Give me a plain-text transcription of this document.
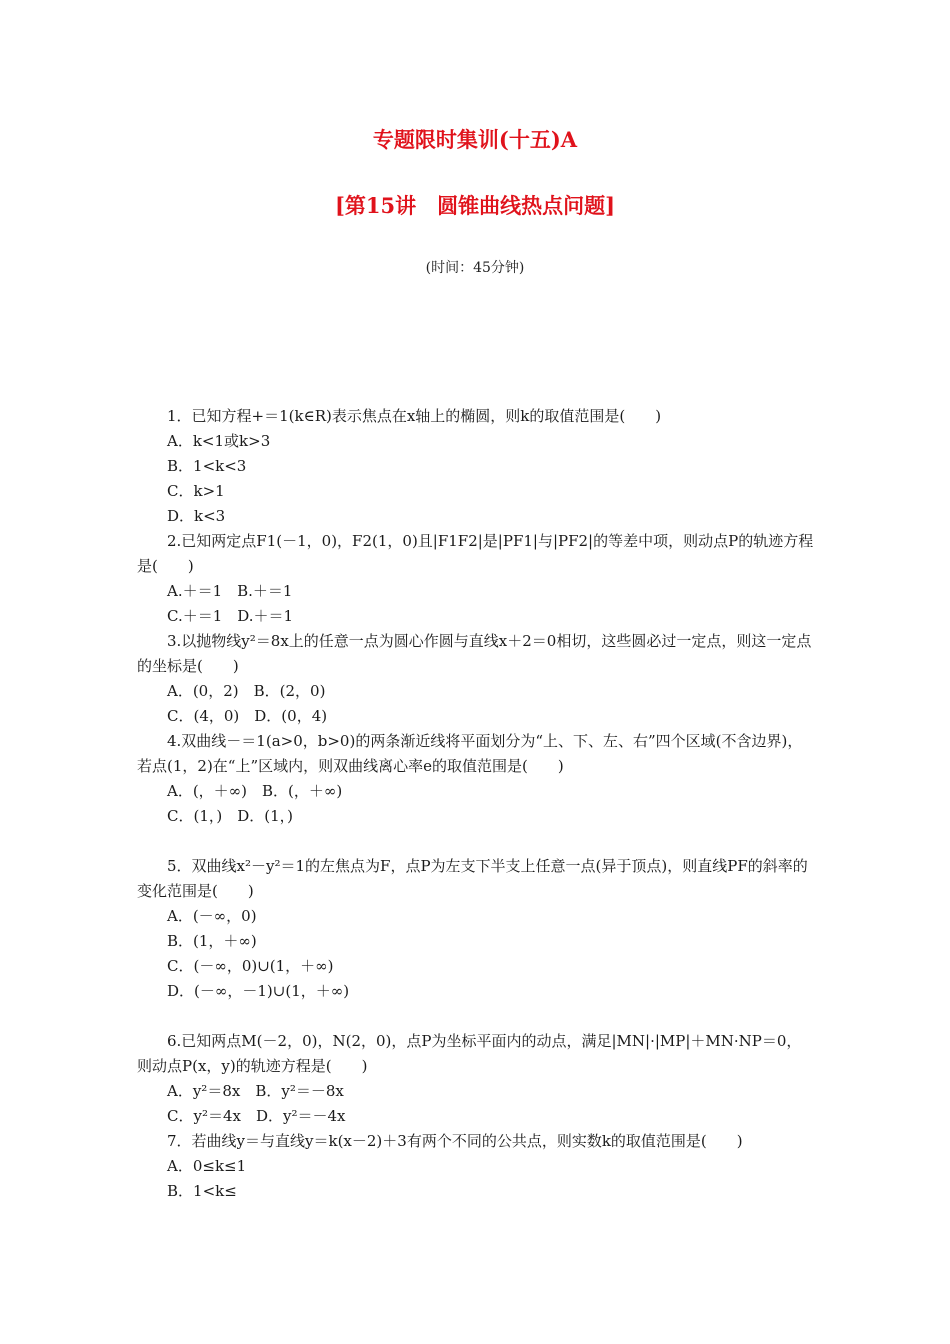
专题限时集训(十五)A
[第15讲　圆锥曲线热点问题]
(时间：45分钟)
1．已知方程+＝1(k∈R)表示焦点在x轴上的椭圆，则k的取值范围是(　　)
A．k<1或k>3
B．1<k<3
C．k>1
D．k<3
2.已知两定点F1(－1，0)，F2(1，0)且|F1F2|是|PF1|与|PF2|的等差中项，则动点P的轨迹方程是(　　)
A.＋＝1　B.＋＝1
C.＋＝1　D.＋＝1
3.以抛物线y²＝8x上的任意一点为圆心作圆与直线x＋2＝0相切，这些圆必过一定点，则这一定点的坐标是(　　)
A．(0，2)　B．(2，0)
C．(4，0)　D．(0，4)
4.双曲线－＝1(a>0，b>0)的两条渐近线将平面划分为“上、下、左、右”四个区域(不含边界)，若点(1，2)在“上”区域内，则双曲线离心率e的取值范围是(　　)
A．(，＋∞)　B．(，＋∞)
C．(1，)　D．(1，)
5．双曲线x²－y²＝1的左焦点为F，点P为左支下半支上任意一点(异于顶点)，则直线PF的斜率的变化范围是(　　)
A．(－∞，0)
B．(1，＋∞)
C．(－∞，0)∪(1，＋∞)
D．(－∞，－1)∪(1，＋∞)
6.已知两点M(－2，0)，N(2，0)，点P为坐标平面内的动点，满足|MN|·|MP|＋MN·NP＝0，则动点P(x，y)的轨迹方程是(　　)
A．y²＝8x　B．y²＝－8x
C．y²＝4x　D．y²＝－4x
7．若曲线y＝与直线y＝k(x－2)＋3有两个不同的公共点，则实数k的取值范围是(　　)
A．0≤k≤1
B．1<k≤
